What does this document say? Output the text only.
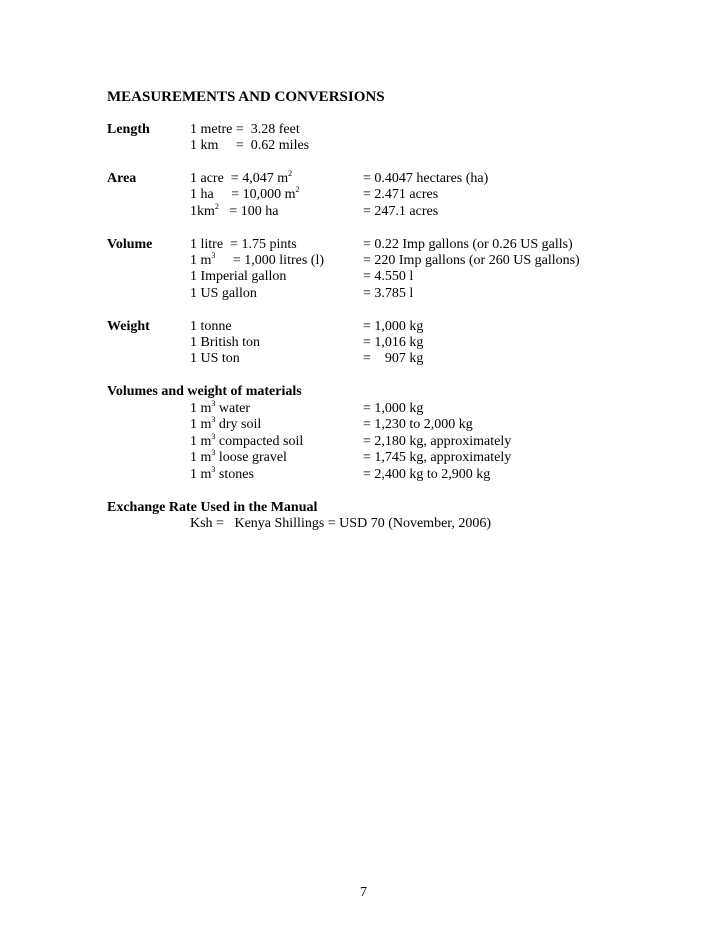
MEASUREMENTS AND CONVERSIONS
Length	1 metre =  3.28 feet
1 km     =  0.62 miles
Area	1 acre  = 4,047 $m^2$	= 0.4047 hectares (ha)
1 ha     = 10,000 $m^2$	= 2.471 acres
$1km^2 = 100$ ha	= 247.1 acres
Volume	1 litre  = 1.75 pints	= 0.22 Imp gallons (or 0.26 US galls)
1 $m^3$     = 1,000 litres (l)	= 220 Imp gallons (or 260 US gallons)
1 Imperial gallon	= 4.550 l
1 US gallon	= 3.785 l
Weight	1 tonne	= 1,000 kg
1 British ton	= 1,016 kg
1 US ton	=    907 kg
Volumes and weight of materials
1 $m^3$ water	= 1,000 kg
1 $m^3$ dry soil	= 1,230 to 2,000 kg
1 $m^3$ compacted soil	= 2,180 kg, approximately
1 $m^3$ loose gravel	= 1,745 kg, approximately
1 $m^3$ stones	= 2,400 kg to 2,900 kg
Exchange Rate Used in the Manual
Ksh =   Kenya Shillings = USD 70 (November, 2006)
7
